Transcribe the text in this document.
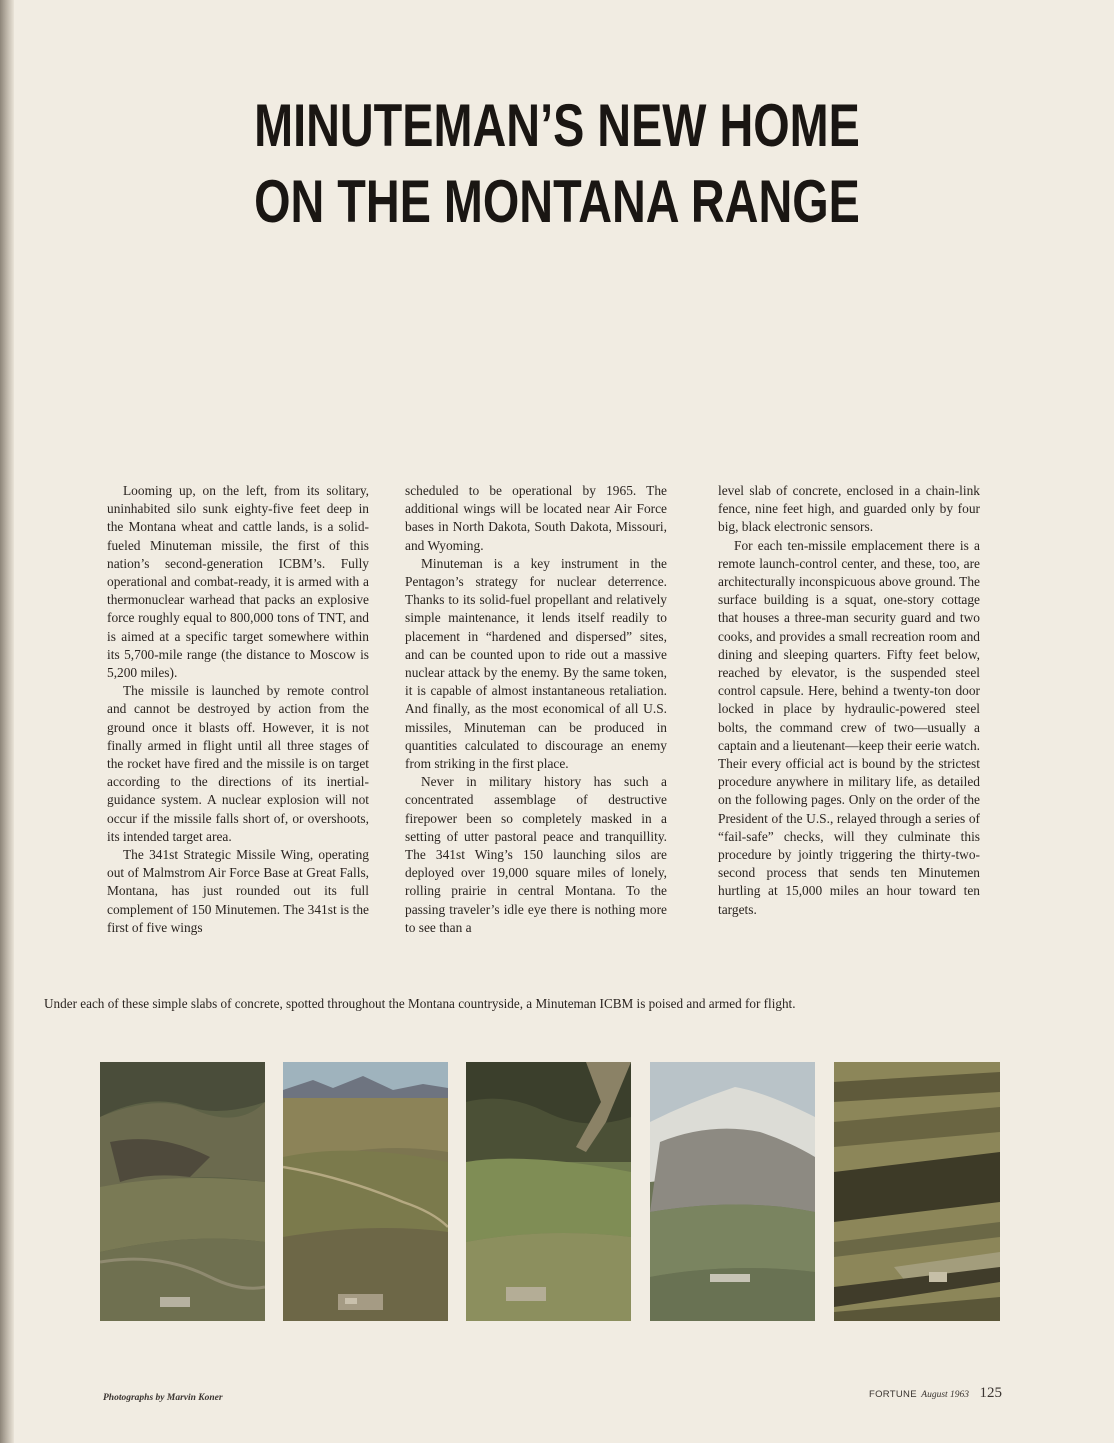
MINUTEMAN’S NEW HOME
ON THE MONTANA RANGE

Looming up, on the left, from its solitary, uninhabited silo sunk eighty-five feet deep in the Montana wheat and cattle lands, is a solid-fueled Minuteman missile, the first of this nation’s second-generation ICBM’s. Fully operational and combat-ready, it is armed with a thermonuclear warhead that packs an explosive force roughly equal to 800,000 tons of TNT, and is aimed at a specific target somewhere within its 5,700-mile range (the distance to Moscow is 5,200 miles).

The missile is launched by remote control and cannot be destroyed by action from the ground once it blasts off. However, it is not finally armed in flight until all three stages of the rocket have fired and the missile is on target according to the directions of its inertial-guidance system. A nuclear explosion will not occur if the missile falls short of, or overshoots, its intended target area.

The 341st Strategic Missile Wing, operating out of Malmstrom Air Force Base at Great Falls, Montana, has just rounded out its full complement of 150 Minutemen. The 341st is the first of five wings

scheduled to be operational by 1965. The additional wings will be located near Air Force bases in North Dakota, South Dakota, Missouri, and Wyoming.

Minuteman is a key instrument in the Pentagon’s strategy for nuclear deterrence. Thanks to its solid-fuel propellant and relatively simple maintenance, it lends itself readily to placement in “hardened and dispersed” sites, and can be counted upon to ride out a massive nuclear attack by the enemy. By the same token, it is capable of almost instantaneous retaliation. And finally, as the most economical of all U.S. missiles, Minuteman can be produced in quantities calculated to discourage an enemy from striking in the first place.

Never in military history has such a concentrated assemblage of destructive firepower been so completely masked in a setting of utter pastoral peace and tranquillity. The 341st Wing’s 150 launching silos are deployed over 19,000 square miles of lonely, rolling prairie in central Montana. To the passing traveler’s idle eye there is nothing more to see than a

level slab of concrete, enclosed in a chain-link fence, nine feet high, and guarded only by four big, black electronic sensors.

For each ten-missile emplacement there is a remote launch-control center, and these, too, are architecturally inconspicuous above ground. The surface building is a squat, one-story cottage that houses a three-man security guard and two cooks, and provides a small recreation room and dining and sleeping quarters. Fifty feet below, reached by elevator, is the suspended steel control capsule. Here, behind a twenty-ton door locked in place by hydraulic-powered steel bolts, the command crew of two—usually a captain and a lieutenant—keep their eerie watch. Their every official act is bound by the strictest procedure anywhere in military life, as detailed on the following pages. Only on the order of the President of the U.S., relayed through a series of “fail-safe” checks, will they culminate this procedure by jointly triggering the thirty-two-second process that sends ten Minutemen hurtling at 15,000 miles an hour toward ten targets.

Under each of these simple slabs of concrete, spotted throughout the Montana countryside, a Minuteman ICBM is poised and armed for flight.
Photographs by Marvin Koner	FORTUNE August 1963 125
